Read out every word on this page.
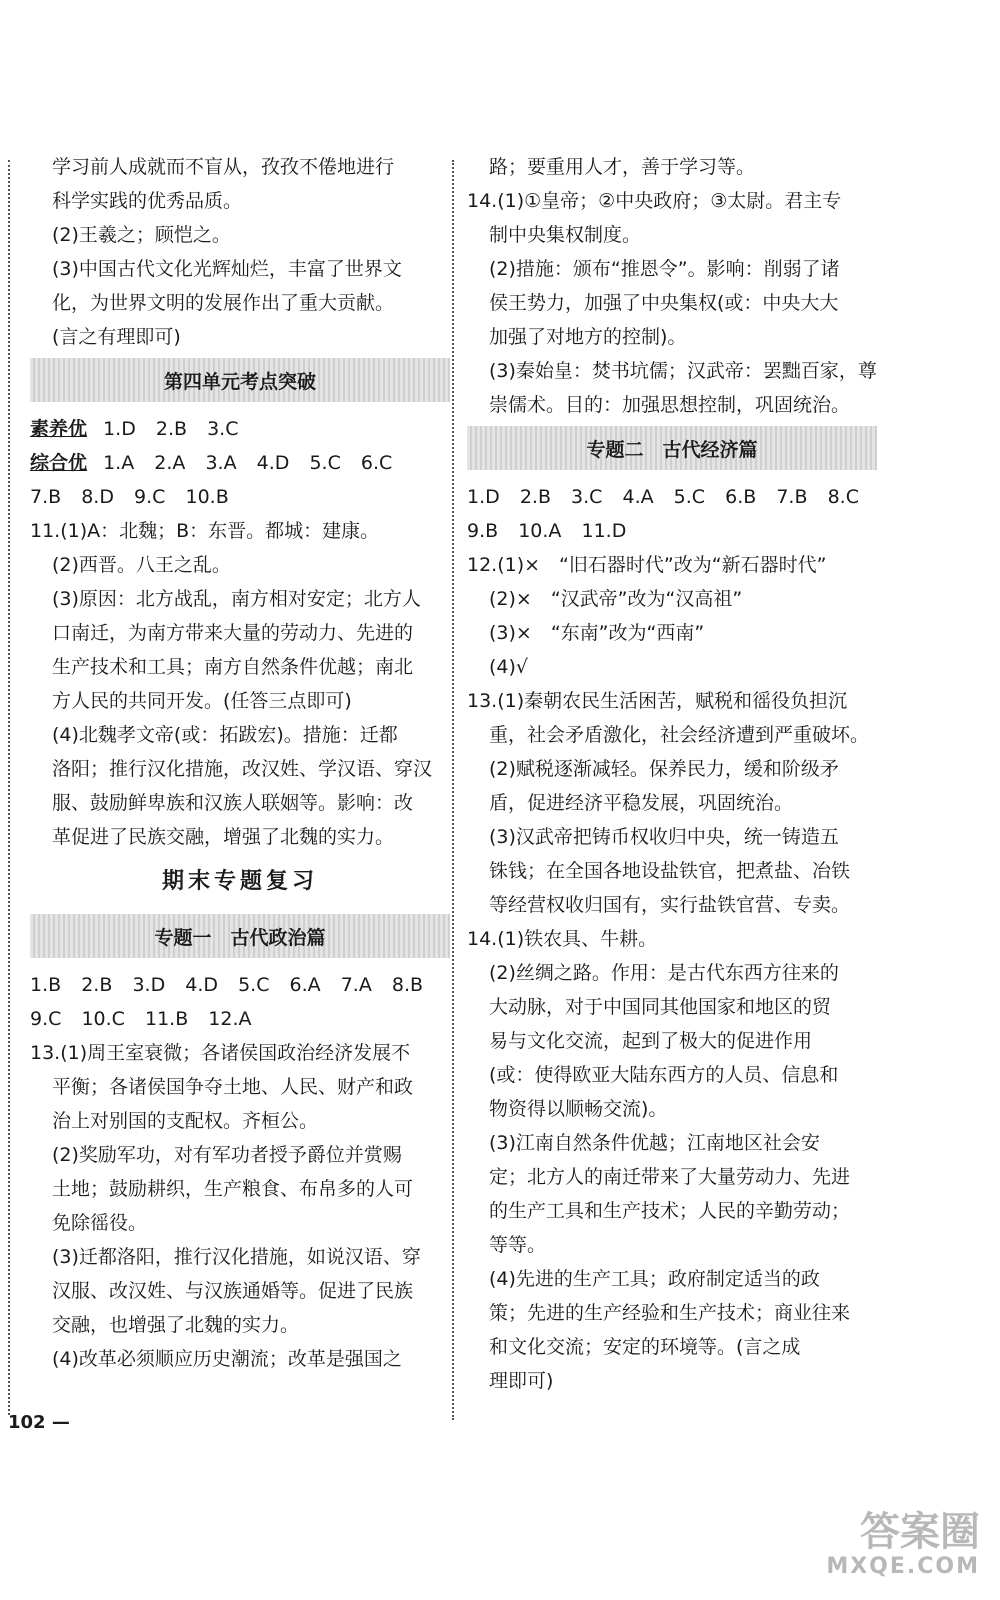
学习前人成就而不盲从，孜孜不倦地进行
科学实践的优秀品质。
(2)王羲之；顾恺之。
(3)中国古代文化光辉灿烂，丰富了世界文
化，为世界文明的发展作出了重大贡献。
(言之有理即可)
第四单元考点突破
素养优 1.D 2.B 3.C
综合优 1.A 2.A 3.A 4.D 5.C 6.C
7.B 8.D 9.C 10.B
11.(1)A：北魏；B：东晋。都城：建康。
(2)西晋。八王之乱。
(3)原因：北方战乱，南方相对安定；北方人
口南迁，为南方带来大量的劳动力、先进的
生产技术和工具；南方自然条件优越；南北
方人民的共同开发。(任答三点即可)
(4)北魏孝文帝(或：拓跋宏)。措施：迁都
洛阳；推行汉化措施，改汉姓、学汉语、穿汉
服、鼓励鲜卑族和汉族人联姻等。影响：改
革促进了民族交融，增强了北魏的实力。
期末专题复习
专题一　古代政治篇
1.B 2.B 3.D 4.D 5.C 6.A 7.A 8.B
9.C 10.C 11.B 12.A
13.(1)周王室衰微；各诸侯国政治经济发展不
平衡；各诸侯国争夺土地、人民、财产和政
治上对别国的支配权。齐桓公。
(2)奖励军功，对有军功者授予爵位并赏赐
土地；鼓励耕织，生产粮食、布帛多的人可
免除徭役。
(3)迁都洛阳，推行汉化措施，如说汉语、穿
汉服、改汉姓、与汉族通婚等。促进了民族
交融，也增强了北魏的实力。
(4)改革必须顺应历史潮流；改革是强国之
路；要重用人才，善于学习等。
14.(1)①皇帝；②中央政府；③太尉。君主专
制中央集权制度。
(2)措施：颁布“推恩令”。影响：削弱了诸
侯王势力，加强了中央集权(或：中央大大
加强了对地方的控制)。
(3)秦始皇：焚书坑儒；汉武帝：罢黜百家，尊
崇儒术。目的：加强思想控制，巩固统治。
专题二　古代经济篇
1.D 2.B 3.C 4.A 5.C 6.B 7.B 8.C
9.B 10.A 11.D
12.(1)×　“旧石器时代”改为“新石器时代”
(2)×　“汉武帝”改为“汉高祖”
(3)×　“东南”改为“西南”
(4)√
13.(1)秦朝农民生活困苦，赋税和徭役负担沉
重，社会矛盾激化，社会经济遭到严重破坏。
(2)赋税逐渐减轻。保养民力，缓和阶级矛
盾，促进经济平稳发展，巩固统治。
(3)汉武帝把铸币权收归中央，统一铸造五
铢钱；在全国各地设盐铁官，把煮盐、冶铁
等经营权收归国有，实行盐铁官营、专卖。
14.(1)铁农具、牛耕。
(2)丝绸之路。作用：是古代东西方往来的
大动脉，对于中国同其他国家和地区的贸
易与文化交流，起到了极大的促进作用
(或：使得欧亚大陆东西方的人员、信息和
物资得以顺畅交流)。
(3)江南自然条件优越；江南地区社会安
定；北方人的南迁带来了大量劳动力、先进
的生产工具和生产技术；人民的辛勤劳动；
等等。
(4)先进的生产工具；政府制定适当的政
策；先进的生产经验和生产技术；商业往来
和文化交流；安定的环境等。(言之成
理即可)
102 —
答案圈
MXQE.COM
